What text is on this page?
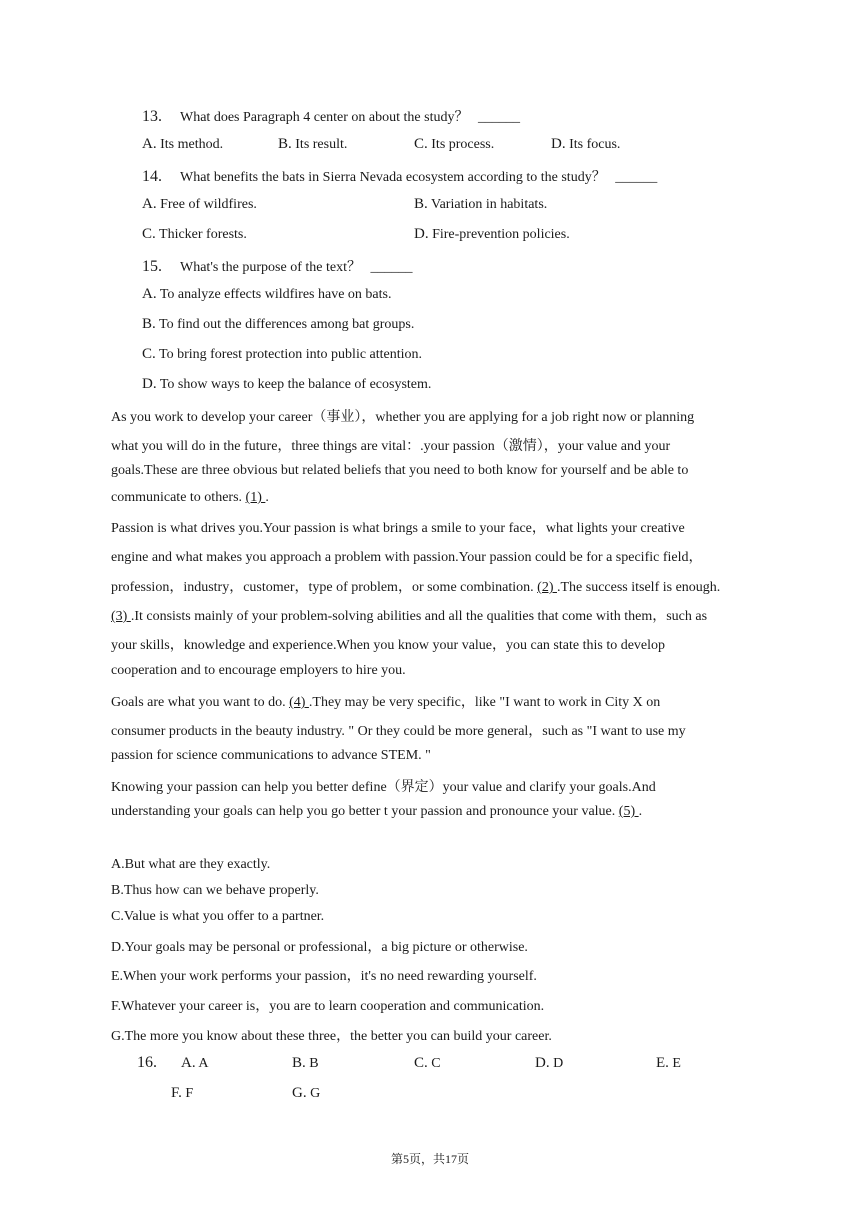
13. What does Paragraph 4 center on about the study？ ______
A. Its method.	B. Its result.	C. Its process.	D. Its focus.
14. What benefits the bats in Sierra Nevada ecosystem according to the study？ ______
A. Free of wildfires.	B. Variation in habitats.
C. Thicker forests.	D. Fire-prevention policies.
15. What's the purpose of the text？ ______
A. To analyze effects wildfires have on bats.
B. To find out the differences among bat groups.
C. To bring forest protection into public attention.
D. To show ways to keep the balance of ecosystem.
As you work to develop your career（事业），whether you are applying for a job right now or planning
what you will do in the future，three things are vital：.your passion（激情），your value and your
goals.These are three obvious but related beliefs that you need to both know for yourself and be able to
communicate to others. (1) .
Passion is what drives you.Your passion is what brings a smile to your face，what lights your creative
engine and what makes you approach a problem with passion.Your passion could be for a specific field，
profession，industry，customer，type of problem，or some combination. (2) .The success itself is enough.
(3) .It consists mainly of your problem-solving abilities and all the qualities that come with them，such as
your skills，knowledge and experience.When you know your value，you can state this to develop
cooperation and to encourage employers to hire you.
Goals are what you want to do. (4) .They may be very specific，like "I want to work in City X on
consumer products in the beauty industry. " Or they could be more general，such as "I want to use my
passion for science communications to advance STEM. "
Knowing your passion can help you better define（界定）your value and clarify your goals.And
understanding your goals can help you go better t your passion and pronounce your value. (5) .
A.But what are they exactly.
B.Thus how can we behave properly.
C.Value is what you offer to a partner.
D.Your goals may be personal or professional，a big picture or otherwise.
E.When your work performs your passion，it's no need rewarding yourself.
F.Whatever your career is，you are to learn cooperation and communication.
G.The more you know about these three，the better you can build your career.
16. A. A	B. B	C. C	D. D	E. E
F. F	G. G
第5页，共17页
